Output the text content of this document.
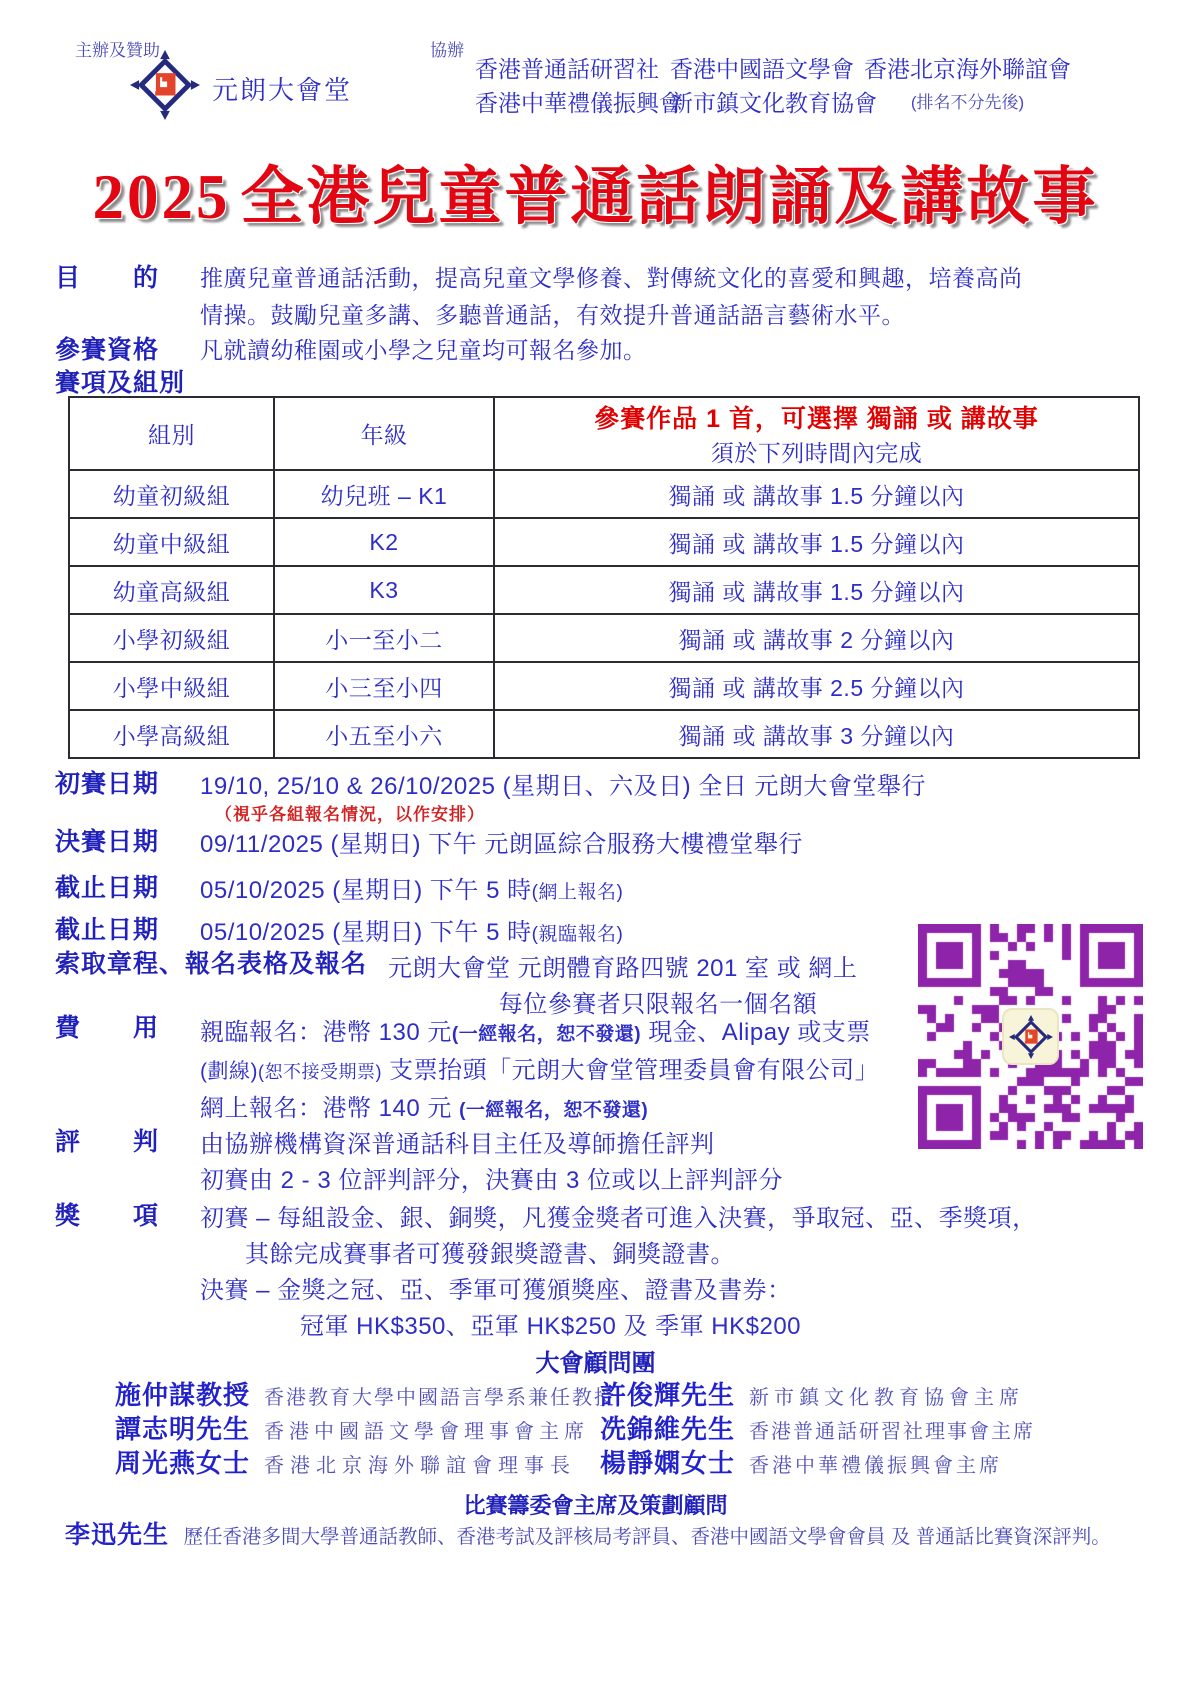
主辦及贊助
元朗大會堂
協辦
香港普通話研習社
香港中華禮儀振興會
香港中國語文學會
新市鎮文化教育協會
香港北京海外聯誼會
(排名不分先後)
2025 全港兒童普通話朗誦及講故事
目　　的 推廣兒童普通話活動，提高兒童文學修養、對傳統文化的喜愛和興趣，培養高尚
情操。鼓勵兒童多講、多聽普通話，有效提升普通話語言藝術水平。
參賽資格 凡就讀幼稚園或小學之兒童均可報名參加。
賽項及組別
組別	年級	參賽作品 1 首，可選擇 獨誦 或 講故事
須於下列時間內完成

幼童初級組	幼兒班 – K1	獨誦 或 講故事 1.5 分鐘以內
幼童中級組	K2	獨誦 或 講故事 1.5 分鐘以內
幼童高級組	K3	獨誦 或 講故事 1.5 分鐘以內
小學初級組	小一至小二	獨誦 或 講故事 2 分鐘以內
小學中級組	小三至小四	獨誦 或 講故事 2.5 分鐘以內
小學高級組	小五至小六	獨誦 或 講故事 3 分鐘以內
初賽日期 19/10, 25/10 & 26/10/2025 (星期日、六及日) 全日 元朗大會堂舉行
（視乎各組報名情況，以作安排）
決賽日期 09/11/2025 (星期日) 下午 元朗區綜合服務大樓禮堂舉行
截止日期 05/10/2025 (星期日) 下午 5 時(網上報名)
截止日期 05/10/2025 (星期日) 下午 5 時(親臨報名)
索取章程、報名表格及報名 元朗大會堂 元朗體育路四號 201 室 或 網上
每位參賽者只限報名一個名額
費　　用 親臨報名：港幣 130 元(一經報名，恕不發還) 現金、Alipay 或支票
(劃線)(恕不接受期票) 支票抬頭「元朗大會堂管理委員會有限公司」
網上報名：港幣 140 元 (一經報名，恕不發還)
評　　判 由協辦機構資深普通話科目主任及導師擔任評判
初賽由 2 - 3 位評判評分，決賽由 3 位或以上評判評分
獎　　項 初賽 – 每組設金、銀、銅獎，凡獲金獎者可進入決賽，爭取冠、亞、季獎項，
其餘完成賽事者可獲發銀獎證書、銅獎證書。
決賽 – 金獎之冠、亞、季軍可獲頒獎座、證書及書券：
冠軍 HK$350、亞軍 HK$250 及 季軍 HK$200
大會顧問團
施仲謀教授 香港教育大學中國語言學系兼任教授
譚志明先生 香港中國語文學會理事會主席
周光燕女士 香港北京海外聯誼會理事長
許俊輝先生 新市鎮文化教育協會主席
冼錦維先生 香港普通話研習社理事會主席
楊靜嫻女士 香港中華禮儀振興會主席
比賽籌委會主席及策劃顧問
李迅先生 歷任香港多間大學普通話教師、香港考試及評核局考評員、香港中國語文學會會員 及 普通話比賽資深評判。
